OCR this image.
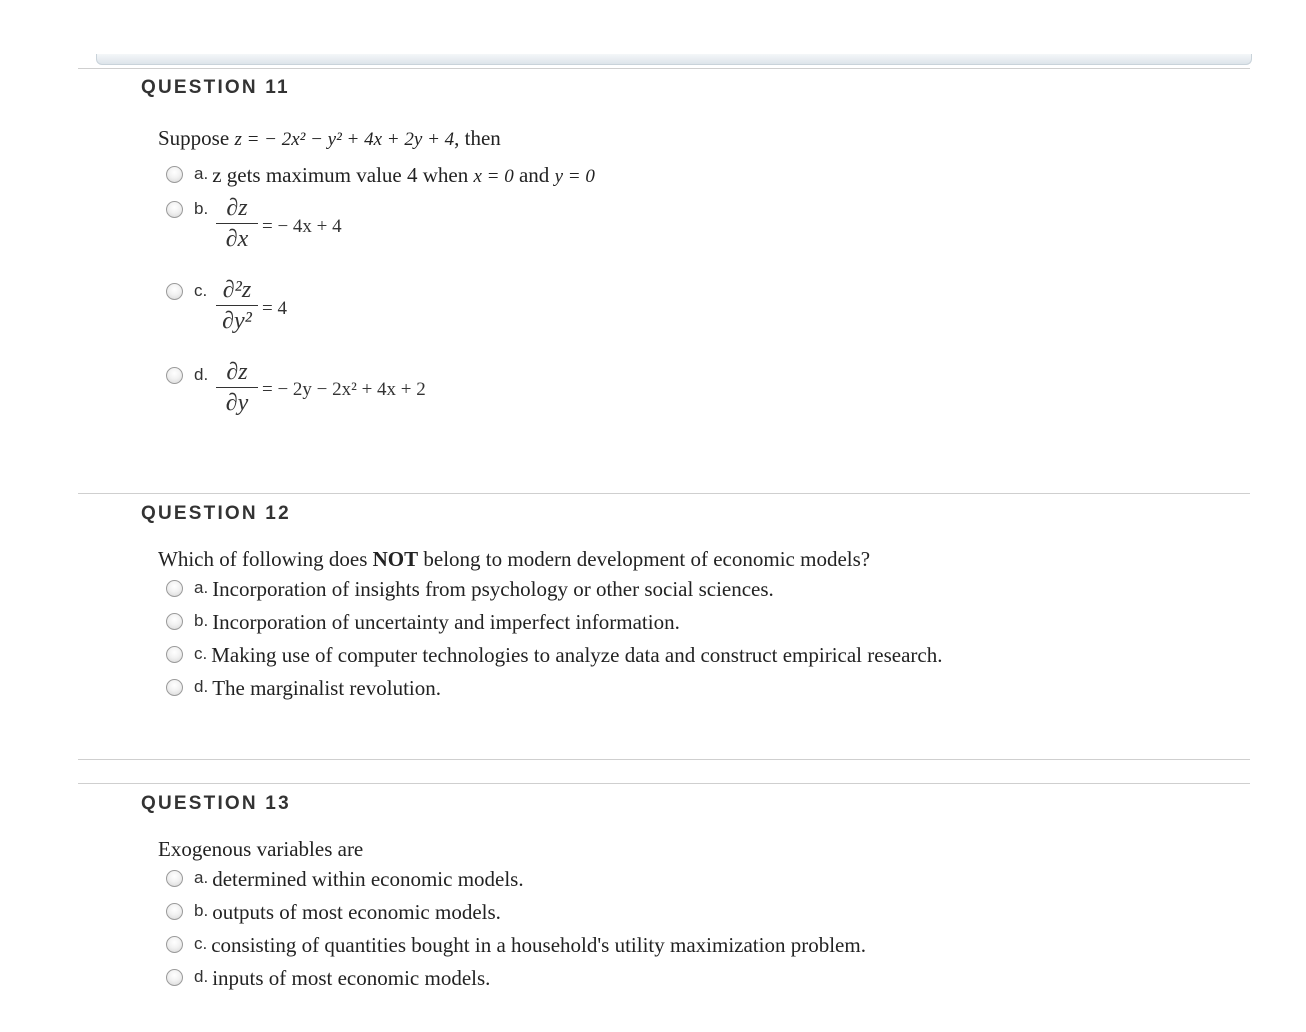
QUESTION 11
Suppose z = − 2x² − y² + 4x + 2y + 4, then
a. z gets maximum value 4 when x = 0 and y = 0
b. ∂z
∂x = − 4x + 4
c. ∂²z
∂y² = 4
d. ∂z
∂y
= − 2y − 2x² + 4x + 2
QUESTION 12
Which of following does NOT belong to modern development of economic models?
a. Incorporation of insights from psychology or other social sciences.
b. Incorporation of uncertainty and imperfect information.
c. Making use of computer technologies to analyze data and construct empirical research.
d. The marginalist revolution.
QUESTION 13
Exogenous variables are
a. determined within economic models.
b. outputs of most economic models.
c. consisting of quantities bought in a household's utility maximization problem.
d. inputs of most economic models.
